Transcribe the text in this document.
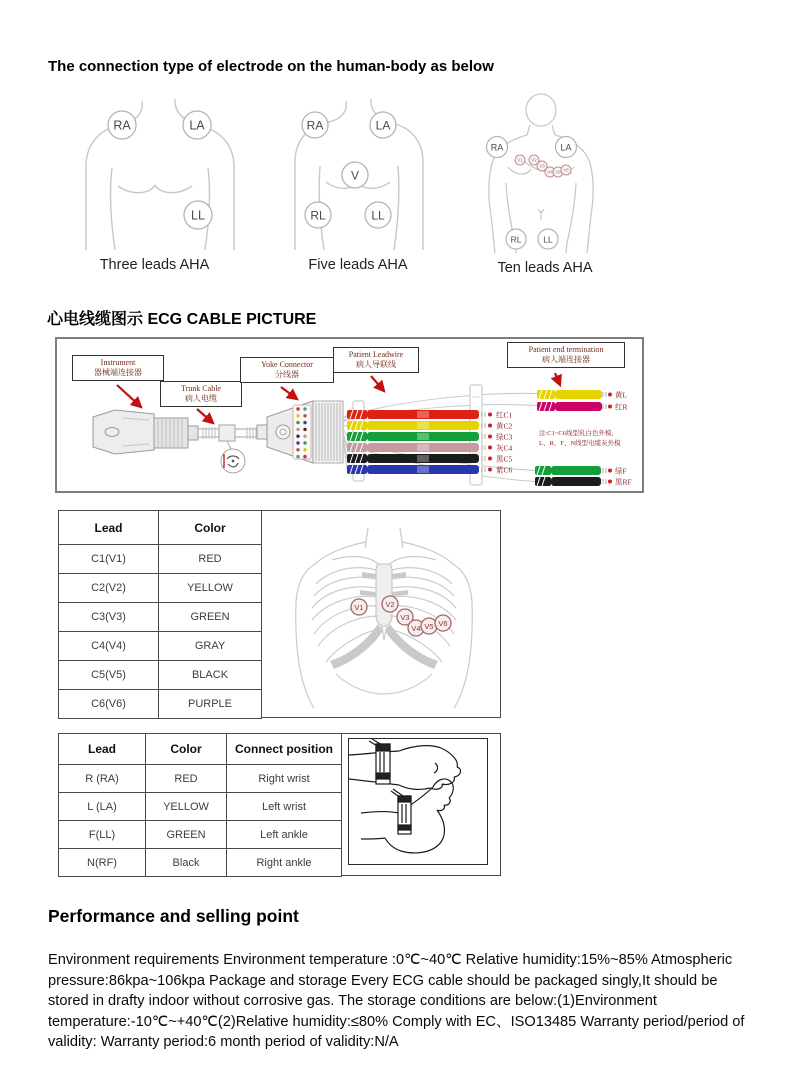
The connection type of electrode on the human-body as below
RA	LA
LL
Three leads AHA
RA	LA
V
RL	LL
Five leads AHA
RA	LA
V1 V2
V3
V4 V5 V6
RL	LL
Ten leads AHA
心电线缆图示 ECG CABLE PICTURE
黄L
红R
红C1
黄C2
绿C3
灰C4
黑C5
紫C6	绿F
黑RF
注:C1~C6线型乳白色外模,
L、R、F、N线型电缆灰外模
Instrument
器械端连接器
Trunk Cable
病人电缆
Yoke Connector
分线器
Patient Leadwire
病人导联线
Patient end termination
病人端连接器
Lead	Color
C1(V1)	RED
C2(V2)	YELLOW
C3(V3)	GREEN
C4(V4)	GRAY
C5(V5)	BLACK
C6(V6)	PURPLE
V1	V2
V3
V4 V5 V6
Lead	Color	Connect position
R (RA)	RED	Right wrist
L (LA)	YELLOW	Left wrist
F(LL)	GREEN	Left ankle
N(RF)	Black	Right ankle
Performance and selling point
Environment requirements Environment temperature :0℃~40℃ Relative humidity:15%~85% Atmospheric pressure:86kpa~106kpa Package and storage Every ECG cable should be packaged singly,It should be stored in drafty indoor without corrosive gas. The storage conditions are below:(1)Environment temperature:-10℃~+40℃(2)Relative humidity:≤80% Comply with EC、ISO13485 Warranty period/period of validity: Warranty period:6 month period of validity:N/A
